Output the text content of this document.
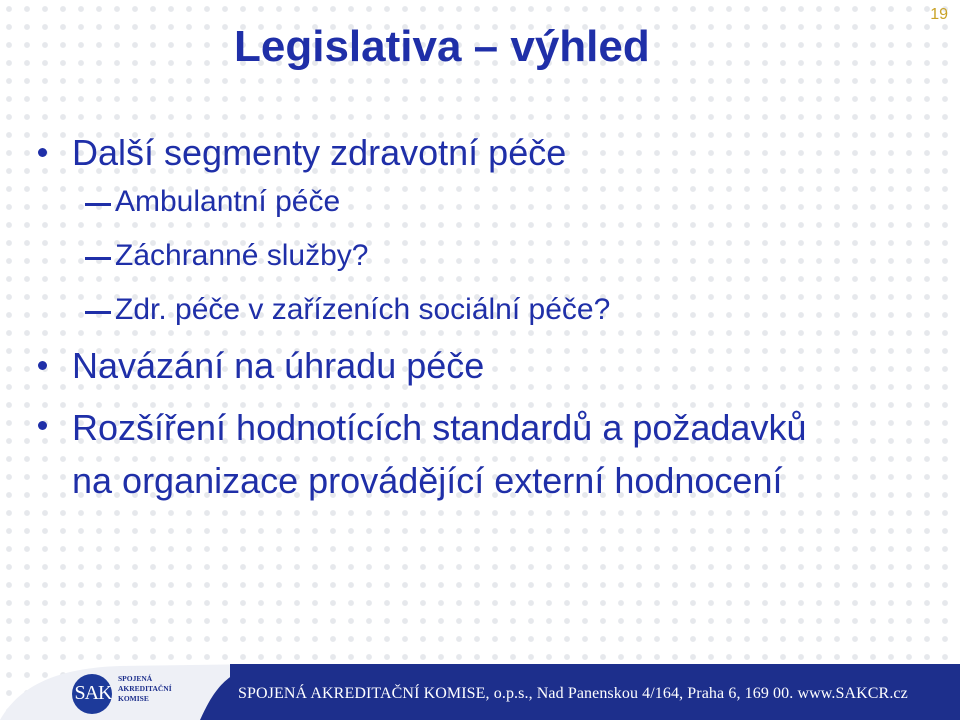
19
Legislativa – výhled
Další segmenty zdravotní péče
Ambulantní péče
Záchranné služby?
Zdr. péče v zařízeních sociální péče?
Navázání na úhradu péče
Rozšíření hodnotících standardů a požadavků na organizace provádějící externí hodnocení
SAK
SPOJENÁ
AKREDITAČNÍ
KOMISE	SPOJENÁ AKREDITAČNÍ KOMISE, o.p.s., Nad Panenskou 4/164, Praha 6, 169 00. www.SAKCR.cz
